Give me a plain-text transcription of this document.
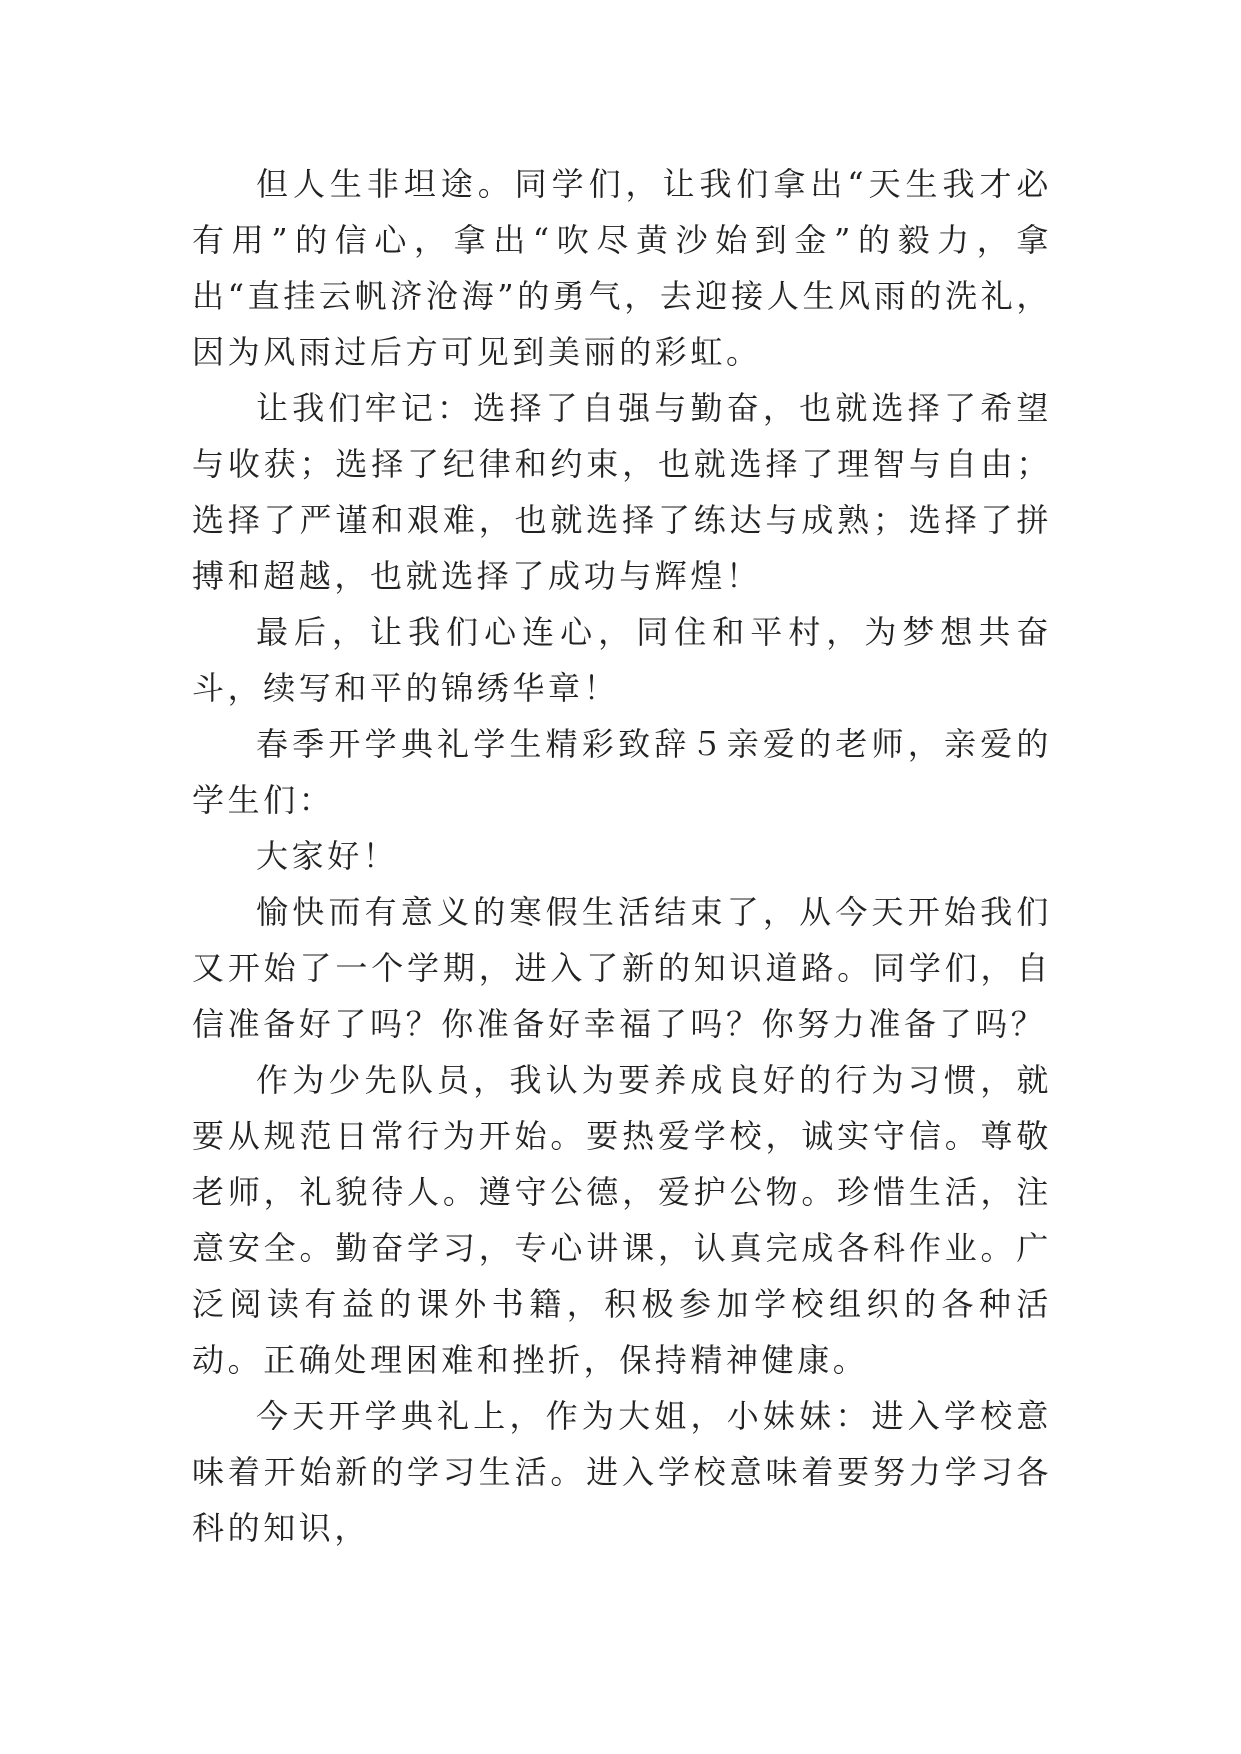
但人生非坦途。同学们，让我们拿出“天生我才必有用”的信心，拿出“吹尽黄沙始到金”的毅力，拿出“直挂云帆济沧海”的勇气，去迎接人生风雨的洗礼，因为风雨过后方可见到美丽的彩虹。

让我们牢记：选择了自强与勤奋，也就选择了希望与收获；选择了纪律和约束，也就选择了理智与自由；选择了严谨和艰难，也就选择了练达与成熟；选择了拼搏和超越，也就选择了成功与辉煌！

最后，让我们心连心，同住和平村，为梦想共奋斗，续写和平的锦绣华章！

春季开学典礼学生精彩致辞５亲爱的老师，亲爱的学生们：

大家好！

愉快而有意义的寒假生活结束了，从今天开始我们又开始了一个学期，进入了新的知识道路。同学们，自信准备好了吗？你准备好幸福了吗？你努力准备了吗？

作为少先队员，我认为要养成良好的行为习惯，就要从规范日常行为开始。要热爱学校，诚实守信。尊敬老师，礼貌待人。遵守公德，爱护公物。珍惜生活，注意安全。勤奋学习，专心讲课，认真完成各科作业。广泛阅读有益的课外书籍，积极参加学校组织的各种活动。正确处理困难和挫折，保持精神健康。

今天开学典礼上，作为大姐，小妹妹：进入学校意味着开始新的学习生活。进入学校意味着要努力学习各科的知识，
